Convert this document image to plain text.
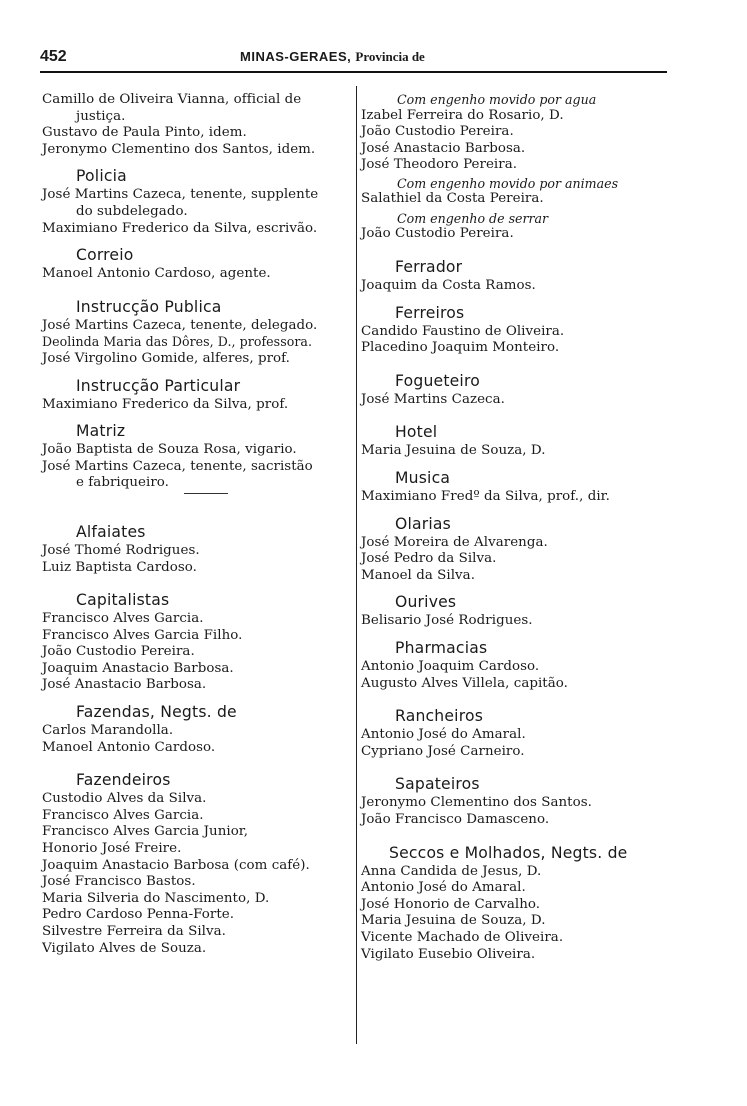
452	MINAS-GERAES, Provincia de
Camillo de Oliveira Vianna, official de
justiça.
Gustavo de Paula Pinto, idem.
Jeronymo Clementino dos Santos, idem.
Policia
José Martins Cazeca, tenente, supplente
do subdelegado.
Maximiano Frederico da Silva, escrivão.
Correio
Manoel Antonio Cardoso, agente.
Instrucção Publica
José Martins Cazeca, tenente, delegado.
Deolinda Maria das Dôres, D., professora.
José Virgolino Gomide, alferes, prof.
Instrucção Particular
Maximiano Frederico da Silva, prof.
Matriz
João Baptista de Souza Rosa, vigario.
José Martins Cazeca, tenente, sacristão
e fabriqueiro.
Alfaiates
José Thomé Rodrigues.
Luiz Baptista Cardoso.
Capitalistas
Francisco Alves Garcia.
Francisco Alves Garcia Filho.
João Custodio Pereira.
Joaquim Anastacio Barbosa.
José Anastacio Barbosa.
Fazendas, Negts. de
Carlos Marandolla.
Manoel Antonio Cardoso.
Fazendeiros
Custodio Alves da Silva.
Francisco Alves Garcia.
Francisco Alves Garcia Junior,
Honorio José Freire.
Joaquim Anastacio Barbosa (com café).
José Francisco Bastos.
Maria Silveria do Nascimento, D.
Pedro Cardoso Penna-Forte.
Silvestre Ferreira da Silva.
Vigilato Alves de Souza.
Com engenho movido por agua
Izabel Ferreira do Rosario, D.
João Custodio Pereira.
José Anastacio Barbosa.
José Theodoro Pereira.
Com engenho movido por animaes
Salathiel da Costa Pereira.
Com engenho de serrar
João Custodio Pereira.
Ferrador
Joaquim da Costa Ramos.
Ferreiros
Candido Faustino de Oliveira.
Placedino Joaquim Monteiro.
Fogueteiro
José Martins Cazeca.
Hotel
Maria Jesuina de Souza, D.
Musica
Maximiano Fredº da Silva, prof., dir.
Olarias
José Moreira de Alvarenga.
José Pedro da Silva.
Manoel da Silva.
Ourives
Belisario José Rodrigues.
Pharmacias
Antonio Joaquim Cardoso.
Augusto Alves Villela, capitão.
Rancheiros
Antonio José do Amaral.
Cypriano José Carneiro.
Sapateiros
Jeronymo Clementino dos Santos.
João Francisco Damasceno.
Seccos e Molhados, Negts. de
Anna Candida de Jesus, D.
Antonio José do Amaral.
José Honorio de Carvalho.
Maria Jesuina de Souza, D.
Vicente Machado de Oliveira.
Vigilato Eusebio Oliveira.
